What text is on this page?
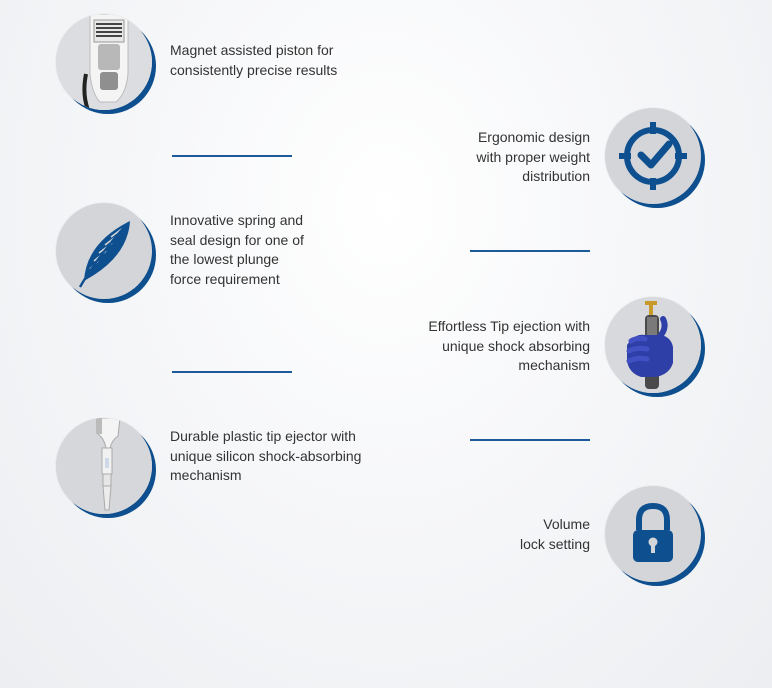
Magnet assisted piston for
consistently precise results
Ergonomic design
with proper weight
distribution
Innovative spring and
seal design for one of
the lowest plunge
force requirement
Effortless Tip ejection with
unique shock absorbing
mechanism
Durable plastic tip ejector with
unique silicon shock-absorbing
mechanism
Volume
lock setting
